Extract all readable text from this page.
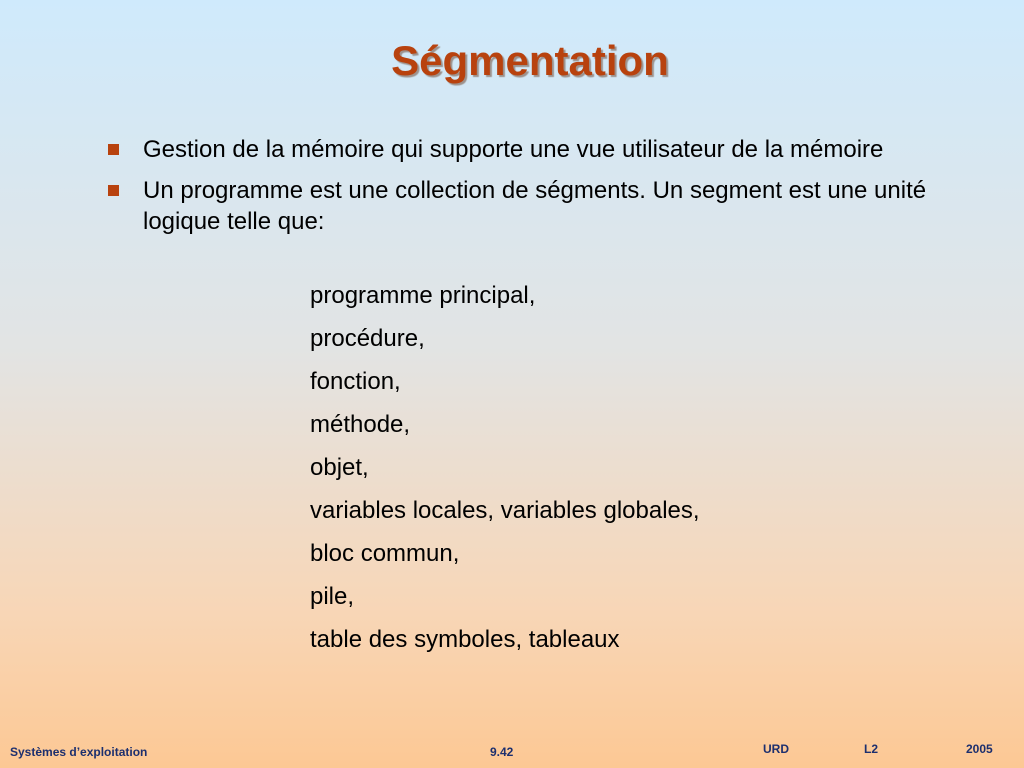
Ségmentation
Gestion de la mémoire qui supporte une vue utilisateur de la mémoire
Un programme est une collection de ségments. Un segment est une unité logique telle que:
programme principal,
procédure,
fonction,
méthode,
objet,
variables locales, variables globales,
bloc commun,
pile,
table des symboles, tableaux
Systèmes d’exploitation	9.42	URD	L2	2005
